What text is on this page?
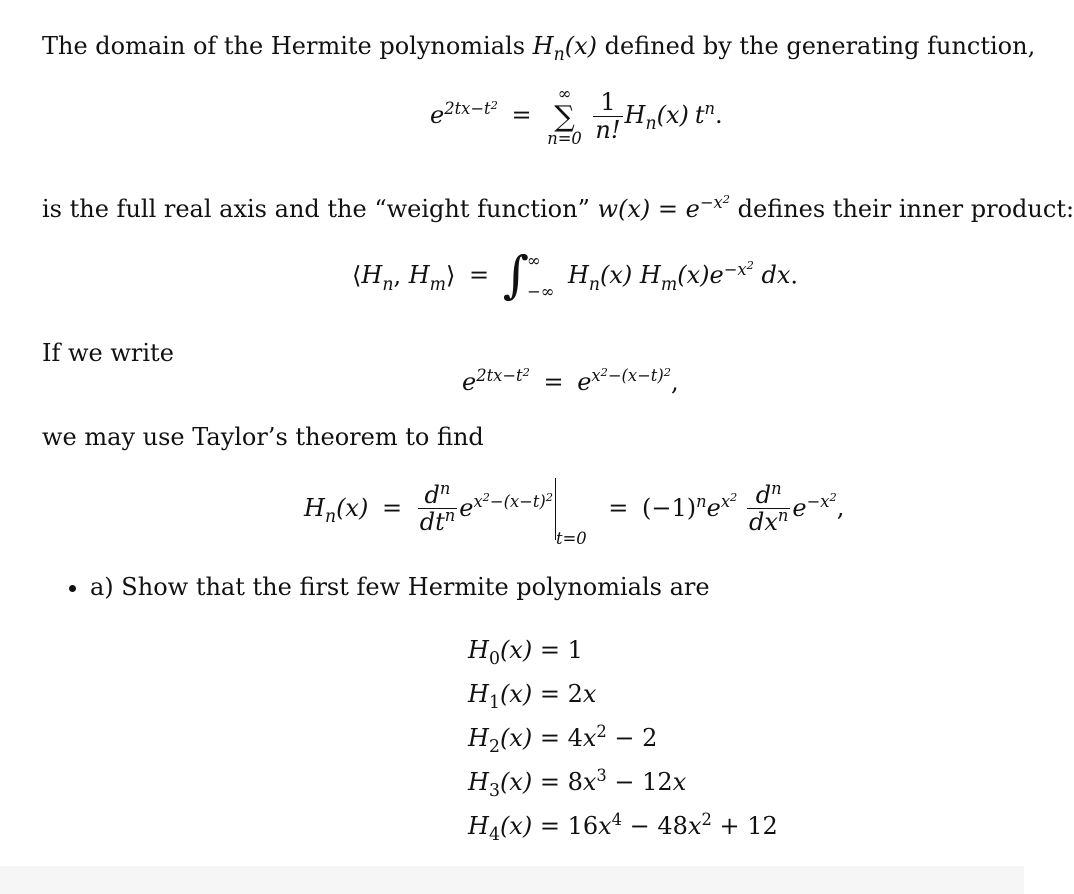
The domain of the Hermite polynomials $H_n(x)$ defined by the generating function,
$e^{2tx-t^2}$ =
∞
∑
n=0
$\frac{1}{n!} H_n(x)$ $t^n$.
is the full real axis and the “weight function” $w(x) = e^{-x^2}$ defines their inner product:
$⟨H_n$, $H_m⟩$ = ∫
∞
−∞
$H_n(x)$ $H_m(x)e^{-x^2}$ dx.
If we write
$e^{2tx-t^2} = e^{x^2-(x-t)^2}$,
we may use Taylor’s theorem to find
$H_n(x) = \frac{d^n}{dt^n} e^{x^2-(x-t)^2}t=0 = (-1)^ne^{x^2} \frac{d^n}{dx^n} e^{-x^2}$,
• a) Show that the first few Hermite polynomials are
$H_0(x) = 1$
$H_1(x) = 2x$
$H_2(x) = 4x^2 - 2$
$H_3(x) = 8x^3 - 12x$
$H_4(x) = 16x^4 - 48x^2 + 12$
